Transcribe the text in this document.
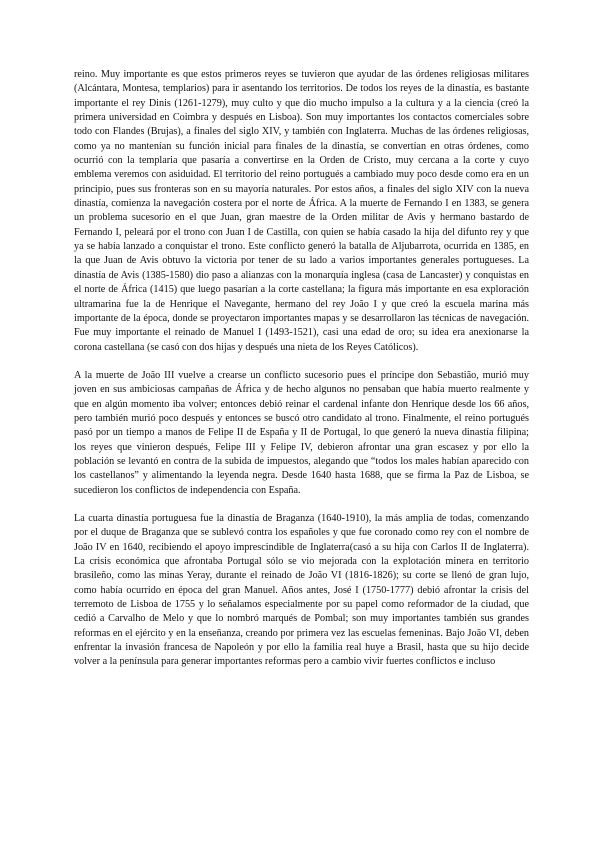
reino. Muy importante es que estos primeros reyes se tuvieron que ayudar de las órdenes religiosas militares (Alcántara, Montesa, templarios) para ir asentando los territorios. De todos los reyes de la dinastía, es bastante importante el rey Dinis (1261-1279), muy culto y que dio mucho impulso a la cultura y a la ciencia (creó la primera universidad en Coimbra y después en Lisboa). Son muy importantes los contactos comerciales sobre todo con Flandes (Brujas), a finales del siglo XIV, y también con Inglaterra. Muchas de las órdenes religiosas, como ya no mantenían su función inicial para finales de la dinastía, se convertían en otras órdenes, como ocurrió con la templaria que pasaría a convertirse en la Orden de Cristo, muy cercana a la corte y cuyo emblema veremos con asiduidad. El territorio del reino portugués a cambiado muy poco desde como era en un principio, pues sus fronteras son en su mayoría naturales. Por estos años, a finales del siglo XIV con la nueva dinastía, comienza la navegación costera por el norte de África. A la muerte de Fernando I en 1383, se genera un problema sucesorio en el que Juan, gran maestre de la Orden militar de Avis y hermano bastardo de Fernando I, peleará por el trono con Juan I de Castilla, con quien se había casado la hija del difunto rey y que ya se había lanzado a conquistar el trono. Este conflicto generó la batalla de Aljubarrota, ocurrida en 1385, en la que Juan de Avis obtuvo la victoria por tener de su lado a varios importantes generales portugueses. La dinastía de Avis (1385-1580) dio paso a alianzas con la monarquía inglesa (casa de Lancaster) y conquistas en el norte de África (1415) que luego pasarían a la corte castellana; la figura más importante en esa exploración ultramarina fue la de Henrique el Navegante, hermano del rey João I y que creó la escuela marina más importante de la época, donde se proyectaron importantes mapas y se desarrollaron las técnicas de navegación. Fue muy importante el reinado de Manuel I (1493-1521), casi una edad de oro; su idea era anexionarse la corona castellana (se casó con dos hijas y después una nieta de los Reyes Católicos).

A la muerte de João III vuelve a crearse un conflicto sucesorio pues el príncipe don Sebastião, murió muy joven en sus ambiciosas campañas de África y de hecho algunos no pensaban que había muerto realmente y que en algún momento iba volver; entonces debió reinar el cardenal infante don Henrique desde los 66 años, pero también murió poco después y entonces se buscó otro candidato al trono. Finalmente, el reino portugués pasó por un tiempo a manos de Felipe II de España y II de Portugal, lo que generó la nueva dinastía filipina; los reyes que vinieron después, Felipe III y Felipe IV, debieron afrontar una gran escasez y por ello la población se levantó en contra de la subida de impuestos, alegando que “todos los males habían aparecido con los castellanos” y alimentando la leyenda negra. Desde 1640 hasta 1688, que se firma la Paz de Lisboa, se sucedieron los conflictos de independencia con España.

La cuarta dinastía portuguesa fue la dinastía de Braganza (1640-1910), la más amplia de todas, comenzando por el duque de Braganza que se sublevó contra los españoles y que fue coronado como rey con el nombre de João IV en 1640, recibiendo el apoyo imprescindible de Inglaterra(casó a su hija con Carlos II de Inglaterra). La crisis económica que afrontaba Portugal sólo se vio mejorada con la explotación minera en territorio brasileño, como las minas Yeray, durante el reinado de João VI (1816-1826); su corte se llenó de gran lujo, como había ocurrido en época del gran Manuel. Años antes, José I (1750-1777) debió afrontar la crisis del terremoto de Lisboa de 1755 y lo señalamos especialmente por su papel como reformador de la ciudad, que cedió a Carvalho de Melo y que lo nombró marqués de Pombal; son muy importantes también sus grandes reformas en el ejército y en la enseñanza, creando por primera vez las escuelas femeninas. Bajo João VI, deben enfrentar la invasión francesa de Napoleón y por ello la familia real huye a Brasil, hasta que su hijo decide volver a la península para generar importantes reformas pero a cambio vivir fuertes conflictos e incluso
